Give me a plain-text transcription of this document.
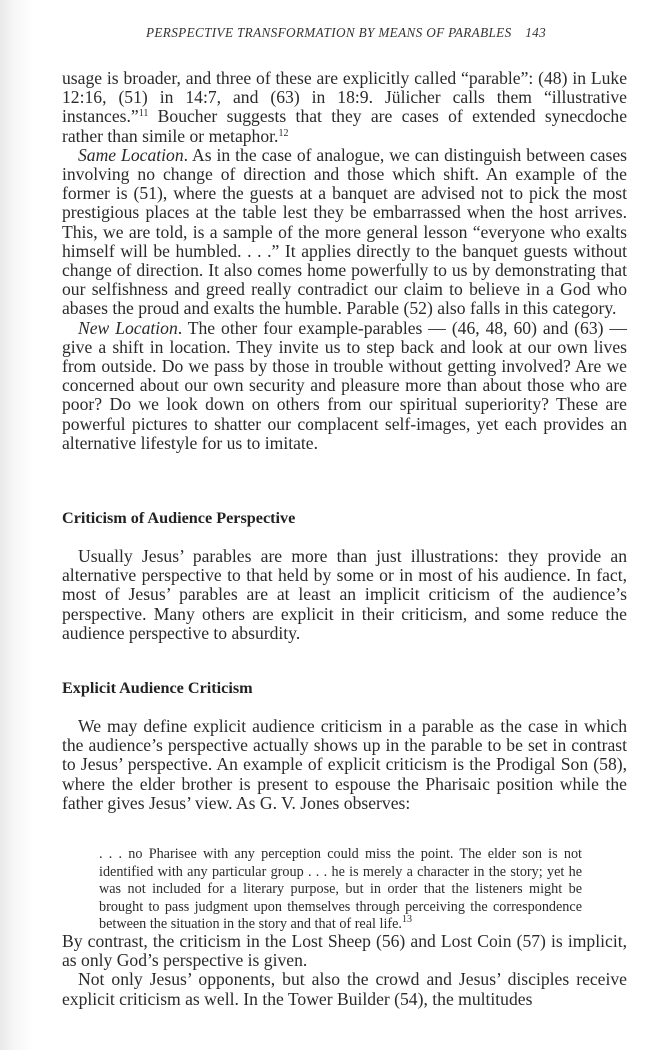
PERSPECTIVE TRANSFORMATION BY MEANS OF PARABLES 143

usage is broader, and three of these are explicitly called “parable”: (48) in Luke 12:16, (51) in 14:7, and (63) in 18:9. Jülicher calls them “illustrative instances.”$^{11}$ Boucher suggests that they are cases of extended synecdoche rather than simile or metaphor.$^{12}$

Same Location. As in the case of analogue, we can distinguish between cases involving no change of direction and those which shift. An example of the former is (51), where the guests at a banquet are advised not to pick the most prestigious places at the table lest they be embarrassed when the host arrives. This, we are told, is a sample of the more general lesson “everyone who exalts himself will be humbled. . . .” It applies directly to the banquet guests without change of direction. It also comes home powerfully to us by demonstrating that our selfishness and greed really contradict our claim to believe in a God who abases the proud and exalts the humble. Parable (52) also falls in this category.

New Location. The other four example-parables — (46, 48, 60) and (63) — give a shift in location. They invite us to step back and look at our own lives from outside. Do we pass by those in trouble without getting involved? Are we concerned about our own security and pleasure more than about those who are poor? Do we look down on others from our spiritual superiority? These are powerful pictures to shatter our complacent self-images, yet each provides an alternative lifestyle for us to imitate.

Criticism of Audience Perspective

Usually Jesus’ parables are more than just illustrations: they provide an alternative perspective to that held by some or in most of his audience. In fact, most of Jesus’ parables are at least an implicit criticism of the audience’s perspective. Many others are explicit in their criticism, and some reduce the audience perspective to absurdity.

Explicit Audience Criticism

We may define explicit audience criticism in a parable as the case in which the audience’s perspective actually shows up in the parable to be set in contrast to Jesus’ perspective. An example of explicit criticism is the Prodigal Son (58), where the elder brother is present to espouse the Pharisaic position while the father gives Jesus’ view. As G. V. Jones observes:

. . . no Pharisee with any perception could miss the point. The elder son is not identified with any particular group . . . he is merely a character in the story; yet he was not included for a literary purpose, but in order that the listeners might be brought to pass judgment upon themselves through perceiving the correspondence between the situation in the story and that of real life.$^{13}$

By contrast, the criticism in the Lost Sheep (56) and Lost Coin (57) is implicit, as only God’s perspective is given.

Not only Jesus’ opponents, but also the crowd and Jesus’ disciples receive explicit criticism as well. In the Tower Builder (54), the multitudes
